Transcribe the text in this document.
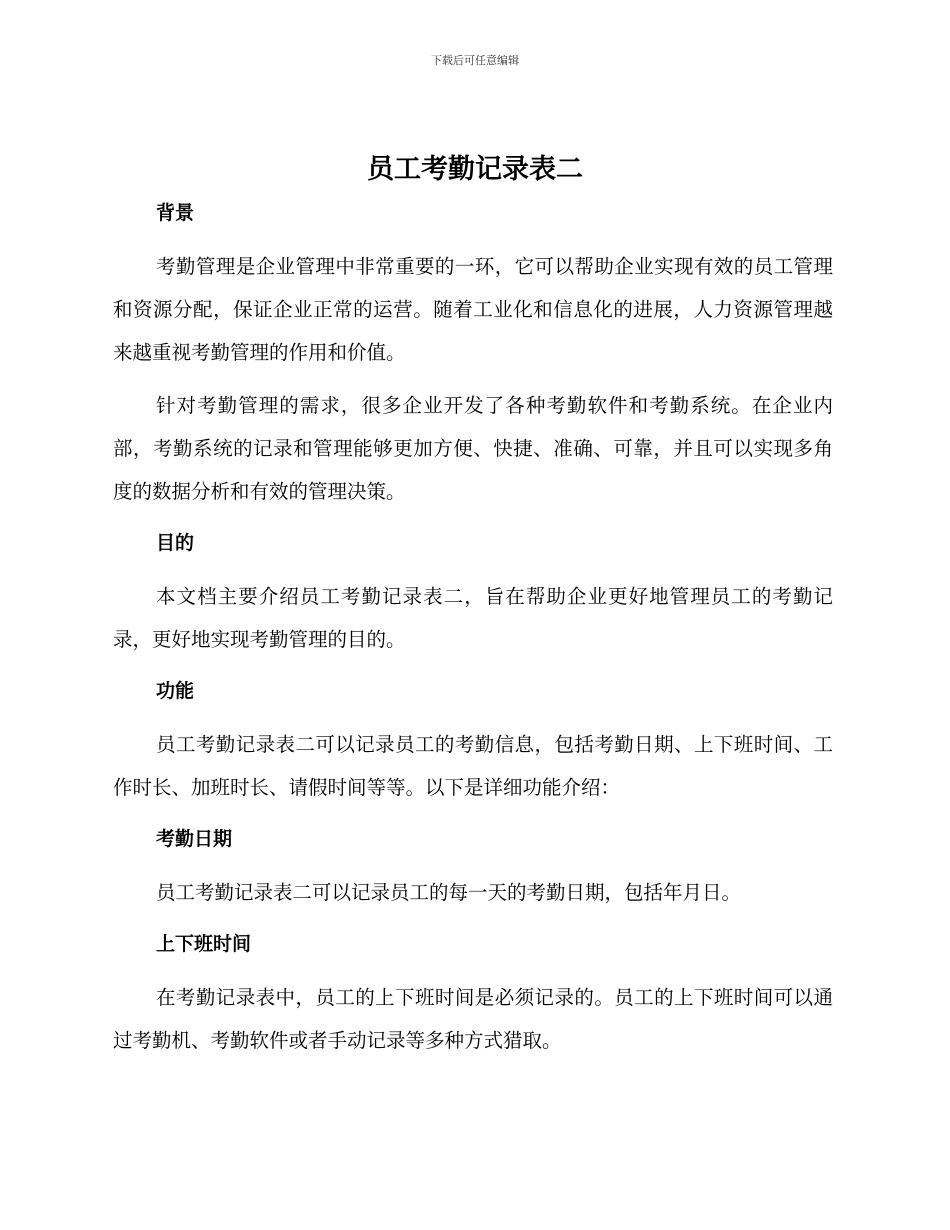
下载后可任意编辑
员工考勤记录表二
背景

考勤管理是企业管理中非常重要的一环，它可以帮助企业实现有效的员工管理和资源分配，保证企业正常的运营。随着工业化和信息化的进展，人力资源管理越来越重视考勤管理的作用和价值。

针对考勤管理的需求，很多企业开发了各种考勤软件和考勤系统。在企业内部，考勤系统的记录和管理能够更加方便、快捷、准确、可靠，并且可以实现多角度的数据分析和有效的管理决策。

目的

本文档主要介绍员工考勤记录表二，旨在帮助企业更好地管理员工的考勤记录，更好地实现考勤管理的目的。

功能

员工考勤记录表二可以记录员工的考勤信息，包括考勤日期、上下班时间、工作时长、加班时长、请假时间等等。以下是详细功能介绍：

考勤日期

员工考勤记录表二可以记录员工的每一天的考勤日期，包括年月日。

上下班时间

在考勤记录表中，员工的上下班时间是必须记录的。员工的上下班时间可以通过考勤机、考勤软件或者手动记录等多种方式猎取。
